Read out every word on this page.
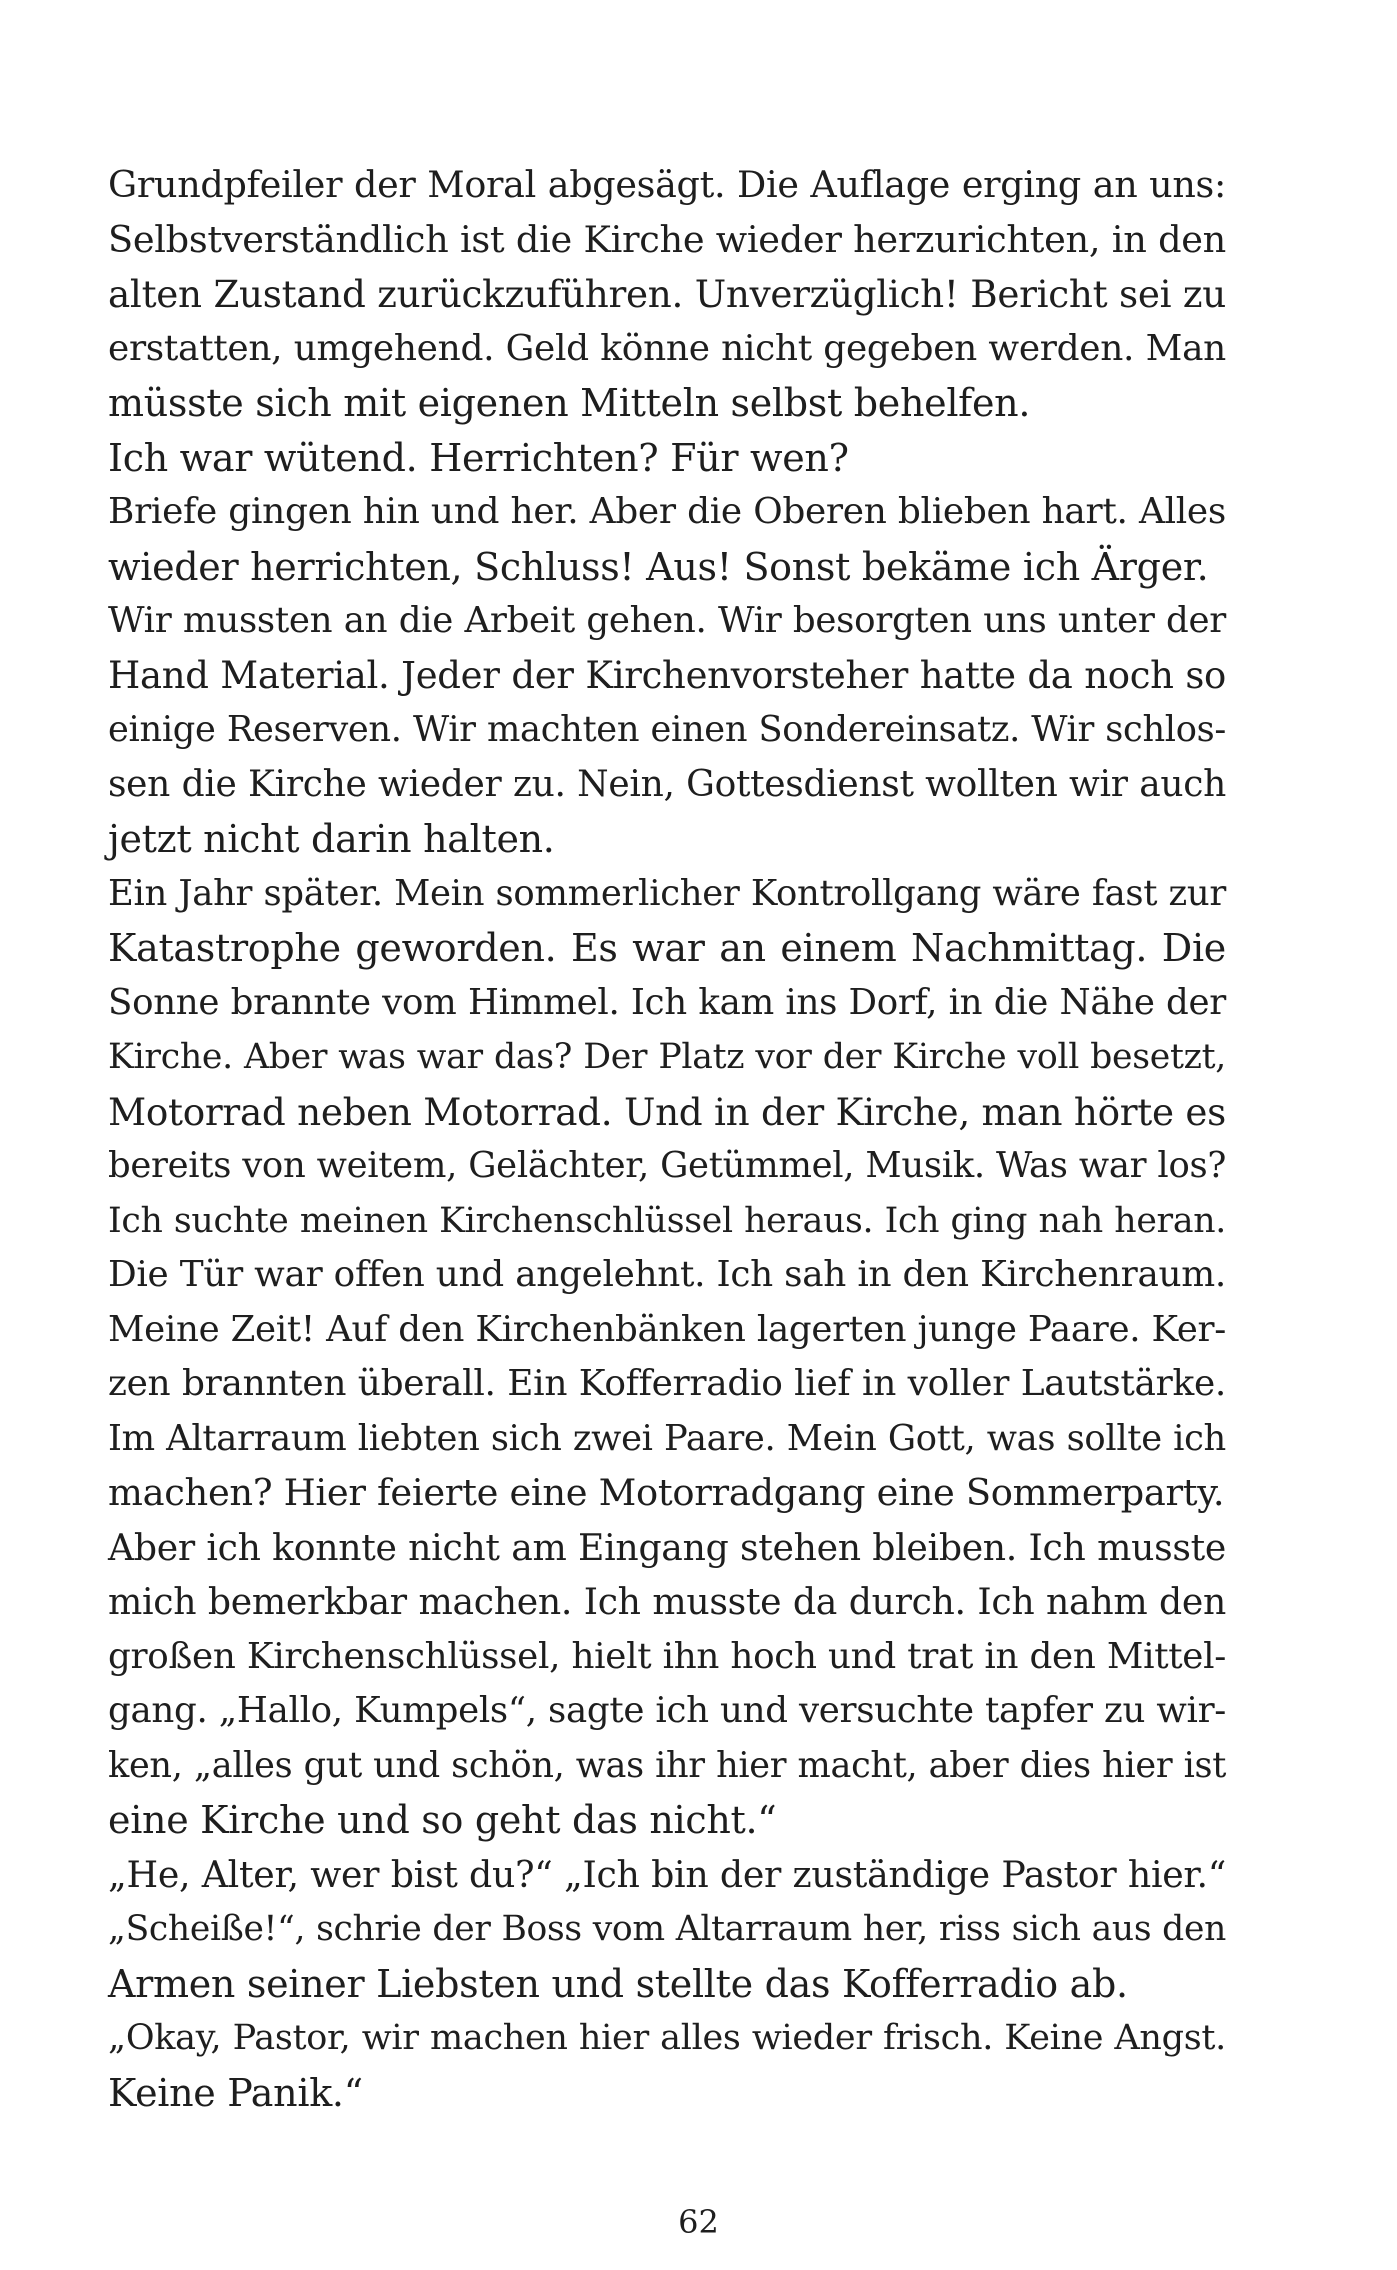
Grundpfeiler der Moral abgesägt. Die Auflage erging an uns:
Selbstverständlich ist die Kirche wieder herzurichten, in den
alten Zustand zurückzuführen. Unverzüglich! Bericht sei zu
erstatten, umgehend. Geld könne nicht gegeben werden. Man
müsste sich mit eigenen Mitteln selbst behelfen.
Ich war wütend. Herrichten? Für wen?
Briefe gingen hin und her. Aber die Oberen blieben hart. Alles
wieder herrichten, Schluss! Aus! Sonst bekäme ich Ärger.
Wir mussten an die Arbeit gehen. Wir besorgten uns unter der
Hand Material. Jeder der Kirchenvorsteher hatte da noch so
einige Reserven. Wir machten einen Sondereinsatz. Wir schlos-
sen die Kirche wieder zu. Nein, Gottesdienst wollten wir auch
jetzt nicht darin halten.
Ein Jahr später. Mein sommerlicher Kontrollgang wäre fast zur
Katastrophe geworden. Es war an einem Nachmittag. Die
Sonne brannte vom Himmel. Ich kam ins Dorf, in die Nähe der
Kirche. Aber was war das? Der Platz vor der Kirche voll besetzt,
Motorrad neben Motorrad. Und in der Kirche, man hörte es
bereits von weitem, Gelächter, Getümmel, Musik. Was war los?
Ich suchte meinen Kirchenschlüssel heraus. Ich ging nah heran.
Die Tür war offen und angelehnt. Ich sah in den Kirchenraum.
Meine Zeit! Auf den Kirchenbänken lagerten junge Paare. Ker-
zen brannten überall. Ein Kofferradio lief in voller Lautstärke.
Im Altarraum liebten sich zwei Paare. Mein Gott, was sollte ich
machen? Hier feierte eine Motorradgang eine Sommerparty.
Aber ich konnte nicht am Eingang stehen bleiben. Ich musste
mich bemerkbar machen. Ich musste da durch. Ich nahm den
großen Kirchenschlüssel, hielt ihn hoch und trat in den Mittel-
gang. „Hallo, Kumpels“, sagte ich und versuchte tapfer zu wir-
ken, „alles gut und schön, was ihr hier macht, aber dies hier ist
eine Kirche und so geht das nicht.“
„He, Alter, wer bist du?“ „Ich bin der zuständige Pastor hier.“
„Scheiße!“, schrie der Boss vom Altarraum her, riss sich aus den
Armen seiner Liebsten und stellte das Kofferradio ab.
„Okay, Pastor, wir machen hier alles wieder frisch. Keine Angst.
Keine Panik.“
62
